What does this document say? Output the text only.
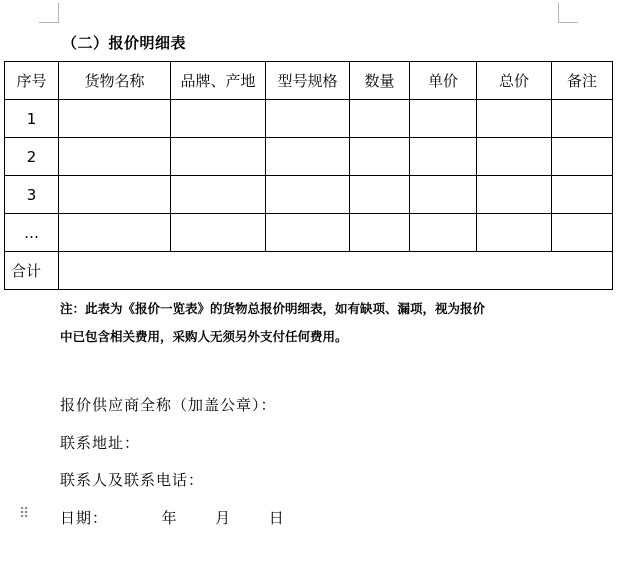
（二）报价明细表
序号	货物名称	品牌、产地	型号规格	数量	单价	总价	备注
1							
2							
3							
…							
合计							
注：此表为《报价一览表》的货物总报价明细表，如有缺项、漏项，视为报价
中已包含相关费用，采购人无须另外支付任何费用。
报价供应商全称（加盖公章）：
联系地址：
联系人及联系电话：
⠿ 日期：	年	月	日
